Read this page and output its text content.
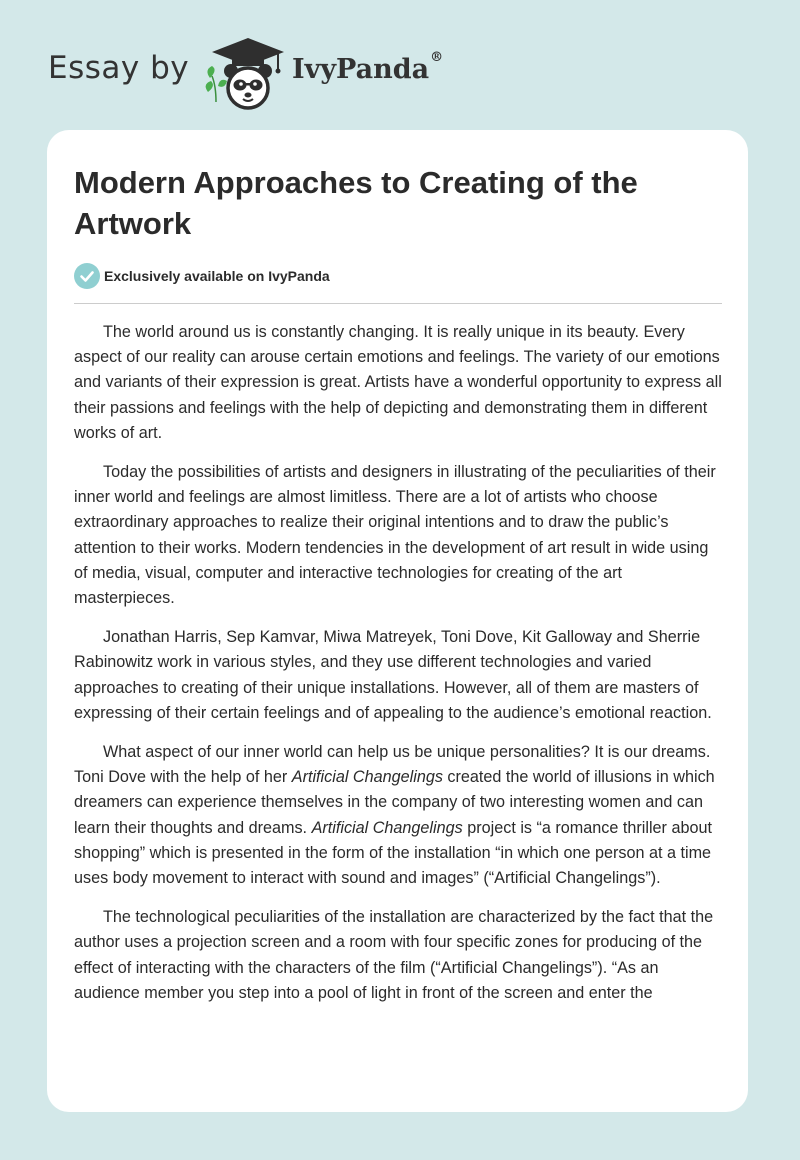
Essay by	IvyPanda®
Modern Approaches to Creating of the Artwork
Exclusively available on IvyPanda

The world around us is constantly changing. It is really unique in its beauty. Every aspect of our reality can arouse certain emotions and feelings. The variety of our emotions and variants of their expression is great. Artists have a wonderful opportunity to express all their passions and feelings with the help of depicting and demonstrating them in different works of art.

Today the possibilities of artists and designers in illustrating of the peculiarities of their inner world and feelings are almost limitless. There are a lot of artists who choose extraordinary approaches to realize their original intentions and to draw the public’s attention to their works. Modern tendencies in the development of art result in wide using of media, visual, computer and interactive technologies for creating of the art masterpieces.

Jonathan Harris, Sep Kamvar, Miwa Matreyek, Toni Dove, Kit Galloway and Sherrie Rabinowitz work in various styles, and they use different technologies and varied approaches to creating of their unique installations. However, all of them are masters of expressing of their certain feelings and of appealing to the audience’s emotional reaction.

What aspect of our inner world can help us be unique personalities? It is our dreams. Toni Dove with the help of her Artificial Changelings created the world of illusions in which dreamers can experience themselves in the company of two interesting women and can learn their thoughts and dreams. Artificial Changelings project is “a romance thriller about shopping” which is presented in the form of the installation “in which one person at a time uses body movement to interact with sound and images” (“Artificial Changelings”).

The technological peculiarities of the installation are characterized by the fact that the author uses a projection screen and a room with four specific zones for producing of the effect of interacting with the characters of the film (“Artificial Changelings”). “As an audience member you step into a pool of light in front of the screen and enter the
